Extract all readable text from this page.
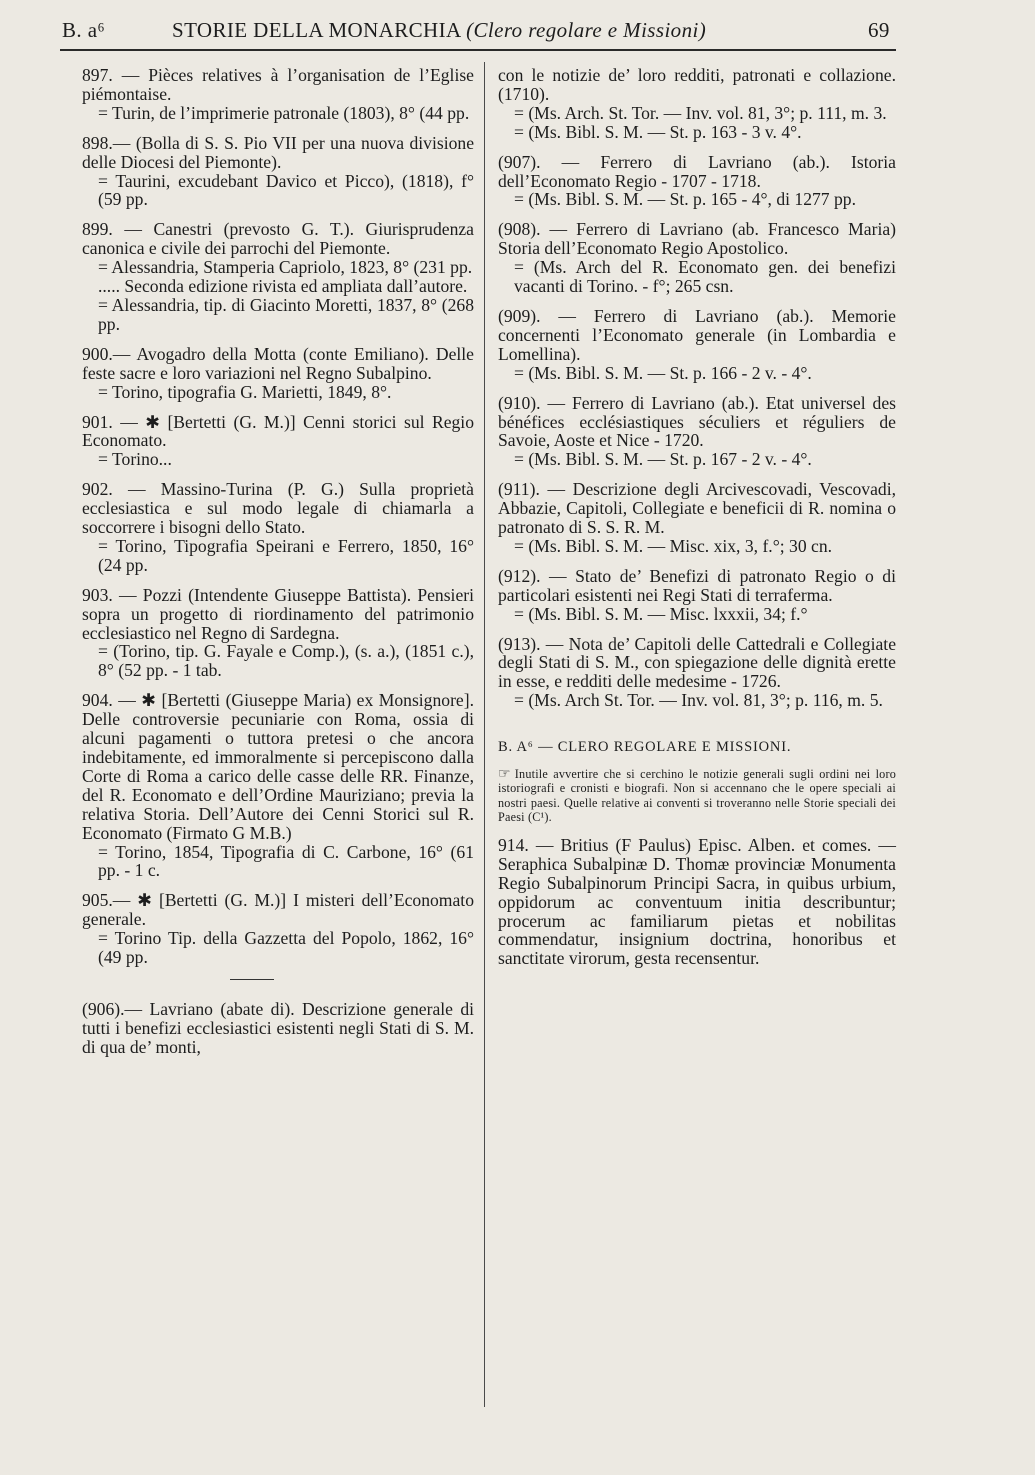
B. a⁶	STORIE DELLA MONARCHIA (Clero regolare e Missioni)	69

897. — Pièces relatives à l’organisation de l’Eglise piémontaise.

= Turin, de l’imprimerie patronale (1803), 8° (44 pp.

898.— (Bolla di S. S. Pio VII per una nuova divisione delle Diocesi del Piemonte).

= Taurini, excudebant Davico et Picco), (1818), f° (59 pp.

899. — Canestri (prevosto G. T.). Giurisprudenza canonica e civile dei parrochi del Piemonte.

= Alessandria, Stamperia Capriolo, 1823, 8° (231 pp.

..... Seconda edizione rivista ed ampliata dall’autore.

= Alessandria, tip. di Giacinto Moretti, 1837, 8° (268 pp.

900.— Avogadro della Motta (conte Emiliano). Delle feste sacre e loro variazioni nel Regno Subalpino.

= Torino, tipografia G. Marietti, 1849, 8°.

901. — ✱ [Bertetti (G. M.)] Cenni storici sul Regio Economato.

= Torino...

902. — Massino-Turina (P. G.) Sulla proprietà ecclesiastica e sul modo legale di chiamarla a soccorrere i bisogni dello Stato.

= Torino, Tipografia Speirani e Ferrero, 1850, 16° (24 pp.

903. — Pozzi (Intendente Giuseppe Battista). Pensieri sopra un progetto di riordinamento del patrimonio ecclesiastico nel Regno di Sardegna.

= (Torino, tip. G. Fayale e Comp.), (s. a.), (1851 c.), 8° (52 pp. - 1 tab.

904. — ✱ [Bertetti (Giuseppe Maria) ex Monsignore]. Delle controversie pecuniarie con Roma, ossia di alcuni pagamenti o tuttora pretesi o che ancora indebitamente, ed immoralmente si percepiscono dalla Corte di Roma a carico delle casse delle RR. Finanze, del R. Economato e dell’Ordine Mauriziano; previa la relativa Storia. Dell’Autore dei Cenni Storici sul R. Economato (Firmato G M.B.)

= Torino, 1854, Tipografia di C. Carbone, 16° (61 pp. - 1 c.

905.— ✱ [Bertetti (G. M.)] I misteri dell’Economato generale.

= Torino Tip. della Gazzetta del Popolo, 1862, 16° (49 pp.

(906).— Lavriano (abate di). Descrizione generale di tutti i benefizi ecclesiastici esistenti negli Stati di S. M. di qua de’ monti,

con le notizie de’ loro redditi, patronati e collazione. (1710).

= (Ms. Arch. St. Tor. — Inv. vol. 81, 3°; p. 111, m. 3.

= (Ms. Bibl. S. M. — St. p. 163 - 3 v. 4°.

(907). — Ferrero di Lavriano (ab.). Istoria dell’Economato Regio - 1707 - 1718.

= (Ms. Bibl. S. M. — St. p. 165 - 4°, di 1277 pp.

(908). — Ferrero di Lavriano (ab. Francesco Maria) Storia dell’Economato Regio Apostolico.

= (Ms. Arch del R. Economato gen. dei benefizi vacanti di Torino. - f°; 265 csn.

(909). — Ferrero di Lavriano (ab.). Memorie concernenti l’Economato generale (in Lombardia e Lomellina).

= (Ms. Bibl. S. M. — St. p. 166 - 2 v. - 4°.

(910). — Ferrero di Lavriano (ab.). Etat universel des bénéfices ecclésiastiques séculiers et réguliers de Savoie, Aoste et Nice - 1720.

= (Ms. Bibl. S. M. — St. p. 167 - 2 v. - 4°.

(911). — Descrizione degli Arcivescovadi, Vescovadi, Abbazie, Capitoli, Collegiate e beneficii di R. nomina o patronato di S. S. R. M.

= (Ms. Bibl. S. M. — Misc. xix, 3, f.°; 30 cn.

(912). — Stato de’ Benefizi di patronato Regio o di particolari esistenti nei Regi Stati di terraferma.

= (Ms. Bibl. S. M. — Misc. lxxxii, 34; f.°

(913). — Nota de’ Capitoli delle Cattedrali e Collegiate degli Stati di S. M., con spiegazione delle dignità erette in esse, e redditi delle medesime - 1726.

= (Ms. Arch St. Tor. — Inv. vol. 81, 3°; p. 116, m. 5.

B. A⁶ — CLERO REGOLARE E MISSIONI.

☞ Inutile avvertire che si cerchino le notizie generali sugli ordini nei loro istoriografi e cronisti e biografi. Non si accennano che le opere speciali ai nostri paesi. Quelle relative ai conventi si troveranno nelle Storie speciali dei Paesi (C¹).

914. — Britius (F Paulus) Episc. Alben. et comes. — Seraphica Subalpinæ D. Thomæ provinciæ Monumenta Regio Subalpinorum Principi Sacra, in quibus urbium, oppidorum ac conventuum initia describuntur; procerum ac familiarum pietas et nobilitas commendatur, insignium doctrina, honoribus et sanctitate virorum, gesta recensentur.
